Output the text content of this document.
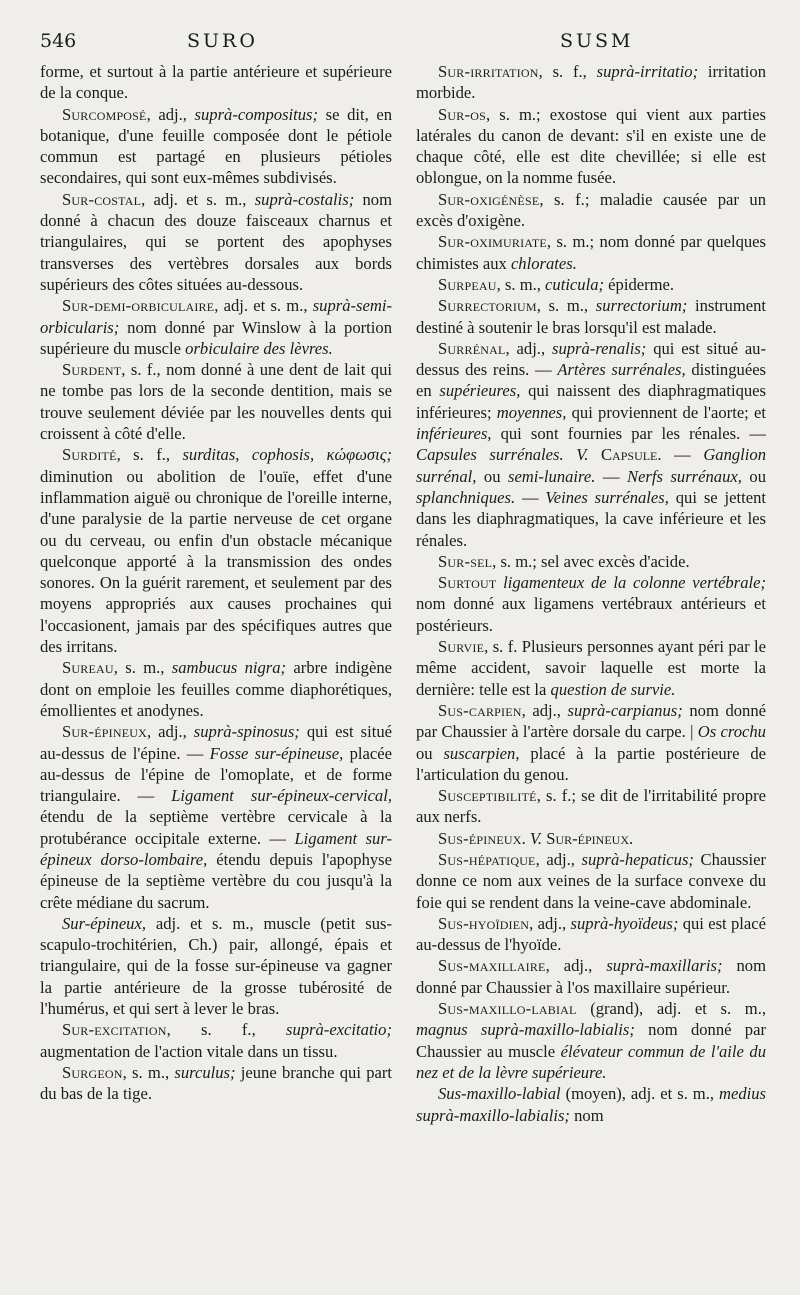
546	SURO	SUSM

forme, et surtout à la partie antérieure et supérieure de la conque.

Surcomposé, adj., suprà-compositus; se dit, en botanique, d'une feuille composée dont le pétiole commun est partagé en plusieurs pétioles secondaires, qui sont eux-mêmes subdivisés.

Sur-costal, adj. et s. m., suprà-costalis; nom donné à chacun des douze faisceaux charnus et triangulaires, qui se portent des apophyses transverses des vertèbres dorsales aux bords supérieurs des côtes situées au-dessous.

Sur-demi-orbiculaire, adj. et s. m., suprà-semi-orbicularis; nom donné par Winslow à la portion supérieure du muscle orbiculaire des lèvres.

Surdent, s. f., nom donné à une dent de lait qui ne tombe pas lors de la seconde dentition, mais se trouve seulement déviée par les nouvelles dents qui croissent à côté d'elle.

Surdité, s. f., surditas, cophosis, κώφωσις; diminution ou abolition de l'ouïe, effet d'une inflammation aiguë ou chronique de l'oreille interne, d'une paralysie de la partie nerveuse de cet organe ou du cerveau, ou enfin d'un obstacle mécanique quelconque apporté à la transmission des ondes sonores. On la guérit rarement, et seulement par des moyens appropriés aux causes prochaines qui l'occasionent, jamais par des spécifiques autres que des irritans.

Sureau, s. m., sambucus nigra; arbre indigène dont on emploie les feuilles comme diaphorétiques, émollientes et anodynes.

Sur-épineux, adj., suprà-spinosus; qui est situé au-dessus de l'épine. — Fosse sur-épineuse, placée au-dessus de l'épine de l'omoplate, et de forme triangulaire. — Ligament sur-épineux-cervical, étendu de la septième vertèbre cervicale à la protubérance occipitale externe. — Ligament sur-épineux dorso-lombaire, étendu depuis l'apophyse épineuse de la septième vertèbre du cou jusqu'à la crête médiane du sacrum.

Sur-épineux, adj. et s. m., muscle (petit sus-scapulo-trochitérien, Ch.) pair, allongé, épais et triangulaire, qui de la fosse sur-épineuse va gagner la partie antérieure de la grosse tubérosité de l'humérus, et qui sert à lever le bras.

Sur-excitation, s. f., suprà-excitatio; augmentation de l'action vitale dans un tissu.

Surgeon, s. m., surculus; jeune branche qui part du bas de la tige.

Sur-irritation, s. f., suprà-irritatio; irritation morbide.

Sur-os, s. m.; exostose qui vient aux parties latérales du canon de devant: s'il en existe une de chaque côté, elle est dite chevillée; si elle est oblongue, on la nomme fusée.

Sur-oxigénèse, s. f.; maladie causée par un excès d'oxigène.

Sur-oximuriate, s. m.; nom donné par quelques chimistes aux chlorates.

Surpeau, s. m., cuticula; épiderme.

Surrectorium, s. m., surrectorium; instrument destiné à soutenir le bras lorsqu'il est malade.

Surrénal, adj., suprà-renalis; qui est situé au-dessus des reins. — Artères surrénales, distinguées en supérieures, qui naissent des diaphragmatiques inférieures; moyennes, qui proviennent de l'aorte; et inférieures, qui sont fournies par les rénales. — Capsules surrénales. V. Capsule. — Ganglion surrénal, ou semi-lunaire. — Nerfs surrénaux, ou splanchniques. — Veines surrénales, qui se jettent dans les diaphragmatiques, la cave inférieure et les rénales.

Sur-sel, s. m.; sel avec excès d'acide.

Surtout ligamenteux de la colonne vertébrale; nom donné aux ligamens vertébraux antérieurs et postérieurs.

Survie, s. f. Plusieurs personnes ayant péri par le même accident, savoir laquelle est morte la dernière: telle est la question de survie.

Sus-carpien, adj., suprà-carpianus; nom donné par Chaussier à l'artère dorsale du carpe. | Os crochu ou suscarpien, placé à la partie postérieure de l'articulation du genou.

Susceptibilité, s. f.; se dit de l'irritabilité propre aux nerfs.

Sus-épineux. V. Sur-épineux.

Sus-hépatique, adj., suprà-hepaticus; Chaussier donne ce nom aux veines de la surface convexe du foie qui se rendent dans la veine-cave abdominale.

Sus-hyoïdien, adj., suprà-hyoïdeus; qui est placé au-dessus de l'hyoïde.

Sus-maxillaire, adj., suprà-maxillaris; nom donné par Chaussier à l'os maxillaire supérieur.

Sus-maxillo-labial (grand), adj. et s. m., magnus suprà-maxillo-labialis; nom donné par Chaussier au muscle élévateur commun de l'aile du nez et de la lèvre supérieure.

Sus-maxillo-labial (moyen), adj. et s. m., medius suprà-maxillo-labialis; nom
